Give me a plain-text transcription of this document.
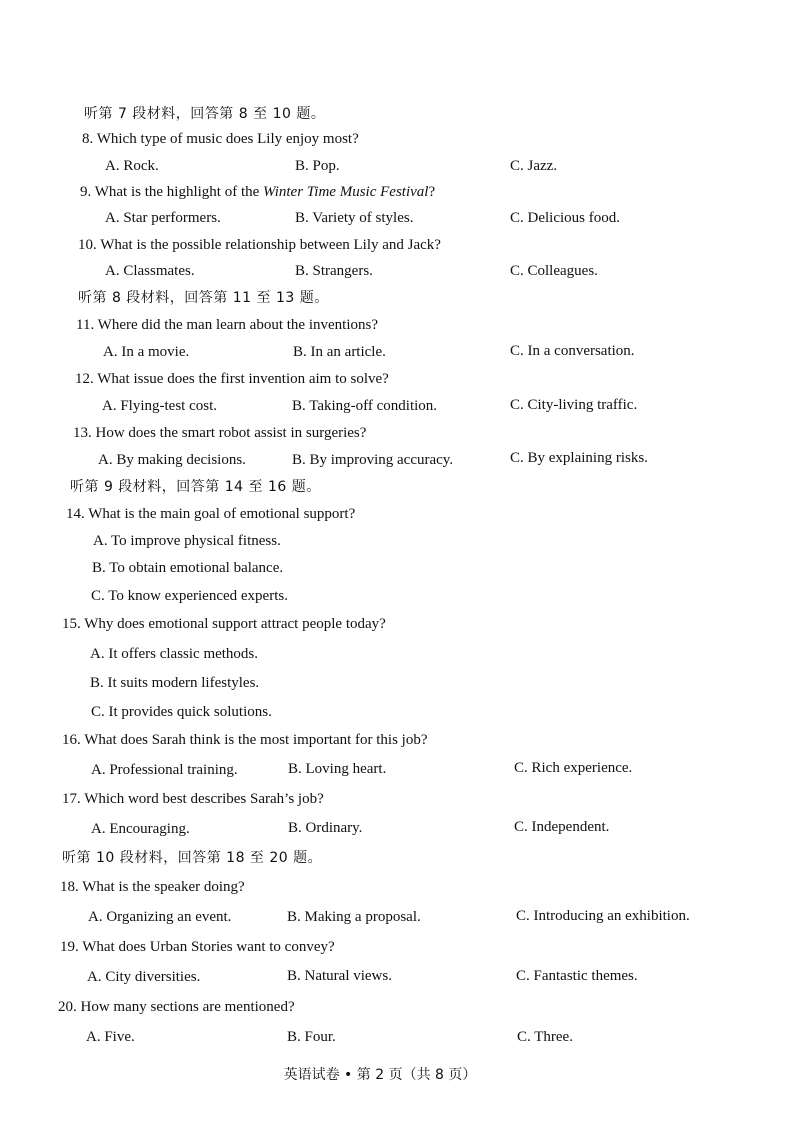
听第 7 段材料，回答第 8 至 10 题。
8. Which type of music does Lily enjoy most?
A. Rock.	B. Pop.	C. Jazz.
9. What is the highlight of the Winter Time Music Festival?
A. Star performers.	B. Variety of styles.	C. Delicious food.
10. What is the possible relationship between Lily and Jack?
A. Classmates.	B. Strangers.	C. Colleagues.
听第 8 段材料，回答第 11 至 13 题。
11. Where did the man learn about the inventions?
A. In a movie.	B. In an article.	C. In a conversation.
12. What issue does the first invention aim to solve?
A. Flying-test cost.	B. Taking-off condition.	C. City-living traffic.
13. How does the smart robot assist in surgeries?
A. By making decisions.	B. By improving accuracy.	C. By explaining risks.
听第 9 段材料，回答第 14 至 16 题。
14. What is the main goal of emotional support?
A. To improve physical fitness.
B. To obtain emotional balance.
C. To know experienced experts.
15. Why does emotional support attract people today?
A. It offers classic methods.
B. It suits modern lifestyles.
C. It provides quick solutions.
16. What does Sarah think is the most important for this job?
A. Professional training.	B. Loving heart.	C. Rich experience.
17. Which word best describes Sarah’s job?
A. Encouraging.	B. Ordinary.	C. Independent.
听第 10 段材料，回答第 18 至 20 题。
18. What is the speaker doing?
A. Organizing an event.	B. Making a proposal.	C. Introducing an exhibition.
19. What does Urban Stories want to convey?
A. City diversities.	B. Natural views.	C. Fantastic themes.
20. How many sections are mentioned?
A. Five.	B. Four.	C. Three.
英语试卷 • 第 2 页（共 8 页）
